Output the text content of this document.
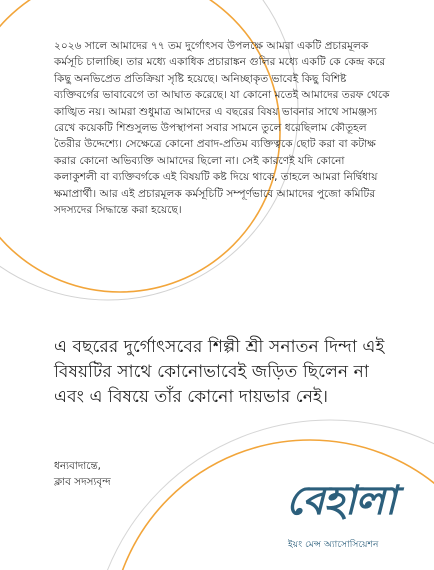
২০২৬ সালে আমাদের ৭৭ তম দুর্গোৎসব উপলক্ষে আমরা একটি প্রচারমূলক কর্মসূচি চালাচ্ছি। তার মধ্যে একাধিক প্রচারাঙ্কন গুলির মধ্যে একটি কে কেন্দ্র করে কিছু অনভিপ্রেত প্রতিক্রিয়া সৃষ্টি হয়েছে। অনিচ্ছাকৃত ভাবেই কিছু বিশিষ্ট ব্যক্তিবর্গের ভাবাবেগে তা আঘাত করেছে। যা কোনো মতেই আমাদের তরফ থেকে কাঙ্খিত নয়। আমরা শুধুমাত্র আমাদের এ বছরের বিষয় ভাবনার সাথে সামঞ্জস্য রেখে কয়েকটি শিশুসুলভ উপস্থাপনা সবার সামনে তুলে ধরেছিলাম কৌতূহল তৈরীর উদ্দেশ্যে। সেক্ষেত্রে কোনো প্রবাদ-প্রতিম ব্যক্তিত্বকে ছোট করা বা কটাক্ষ করার কোনো অভিব্যক্তি আমাদের ছিলো না। সেই কারণেই যদি কোনো কলাকুশলী বা ব্যক্তিবর্গকে এই বিষয়টি কষ্ট দিয়ে থাকে, তাহলে আমরা নির্দ্বিধায় ক্ষমাপ্রার্থী। আর এই প্রচারমূলক কর্মসূচিটি সম্পূর্ণভাবে আমাদের পুজো কমিটির সদস্যদের সিদ্ধান্তে করা হয়েছে।

এ বছরের দুর্গোৎসবের শিল্পী শ্রী সনাতন দিন্দা এই বিষয়টির সাথে কোনোভাবেই জড়িত ছিলেন না এবং এ বিষয়ে তাঁর কোনো দায়ভার নেই।

ধন্যবাদান্তে,
ক্লাব সদস্যবৃন্দ	বেহালা
ইয়ং মেন্স অ্যাসোসিয়েশন
